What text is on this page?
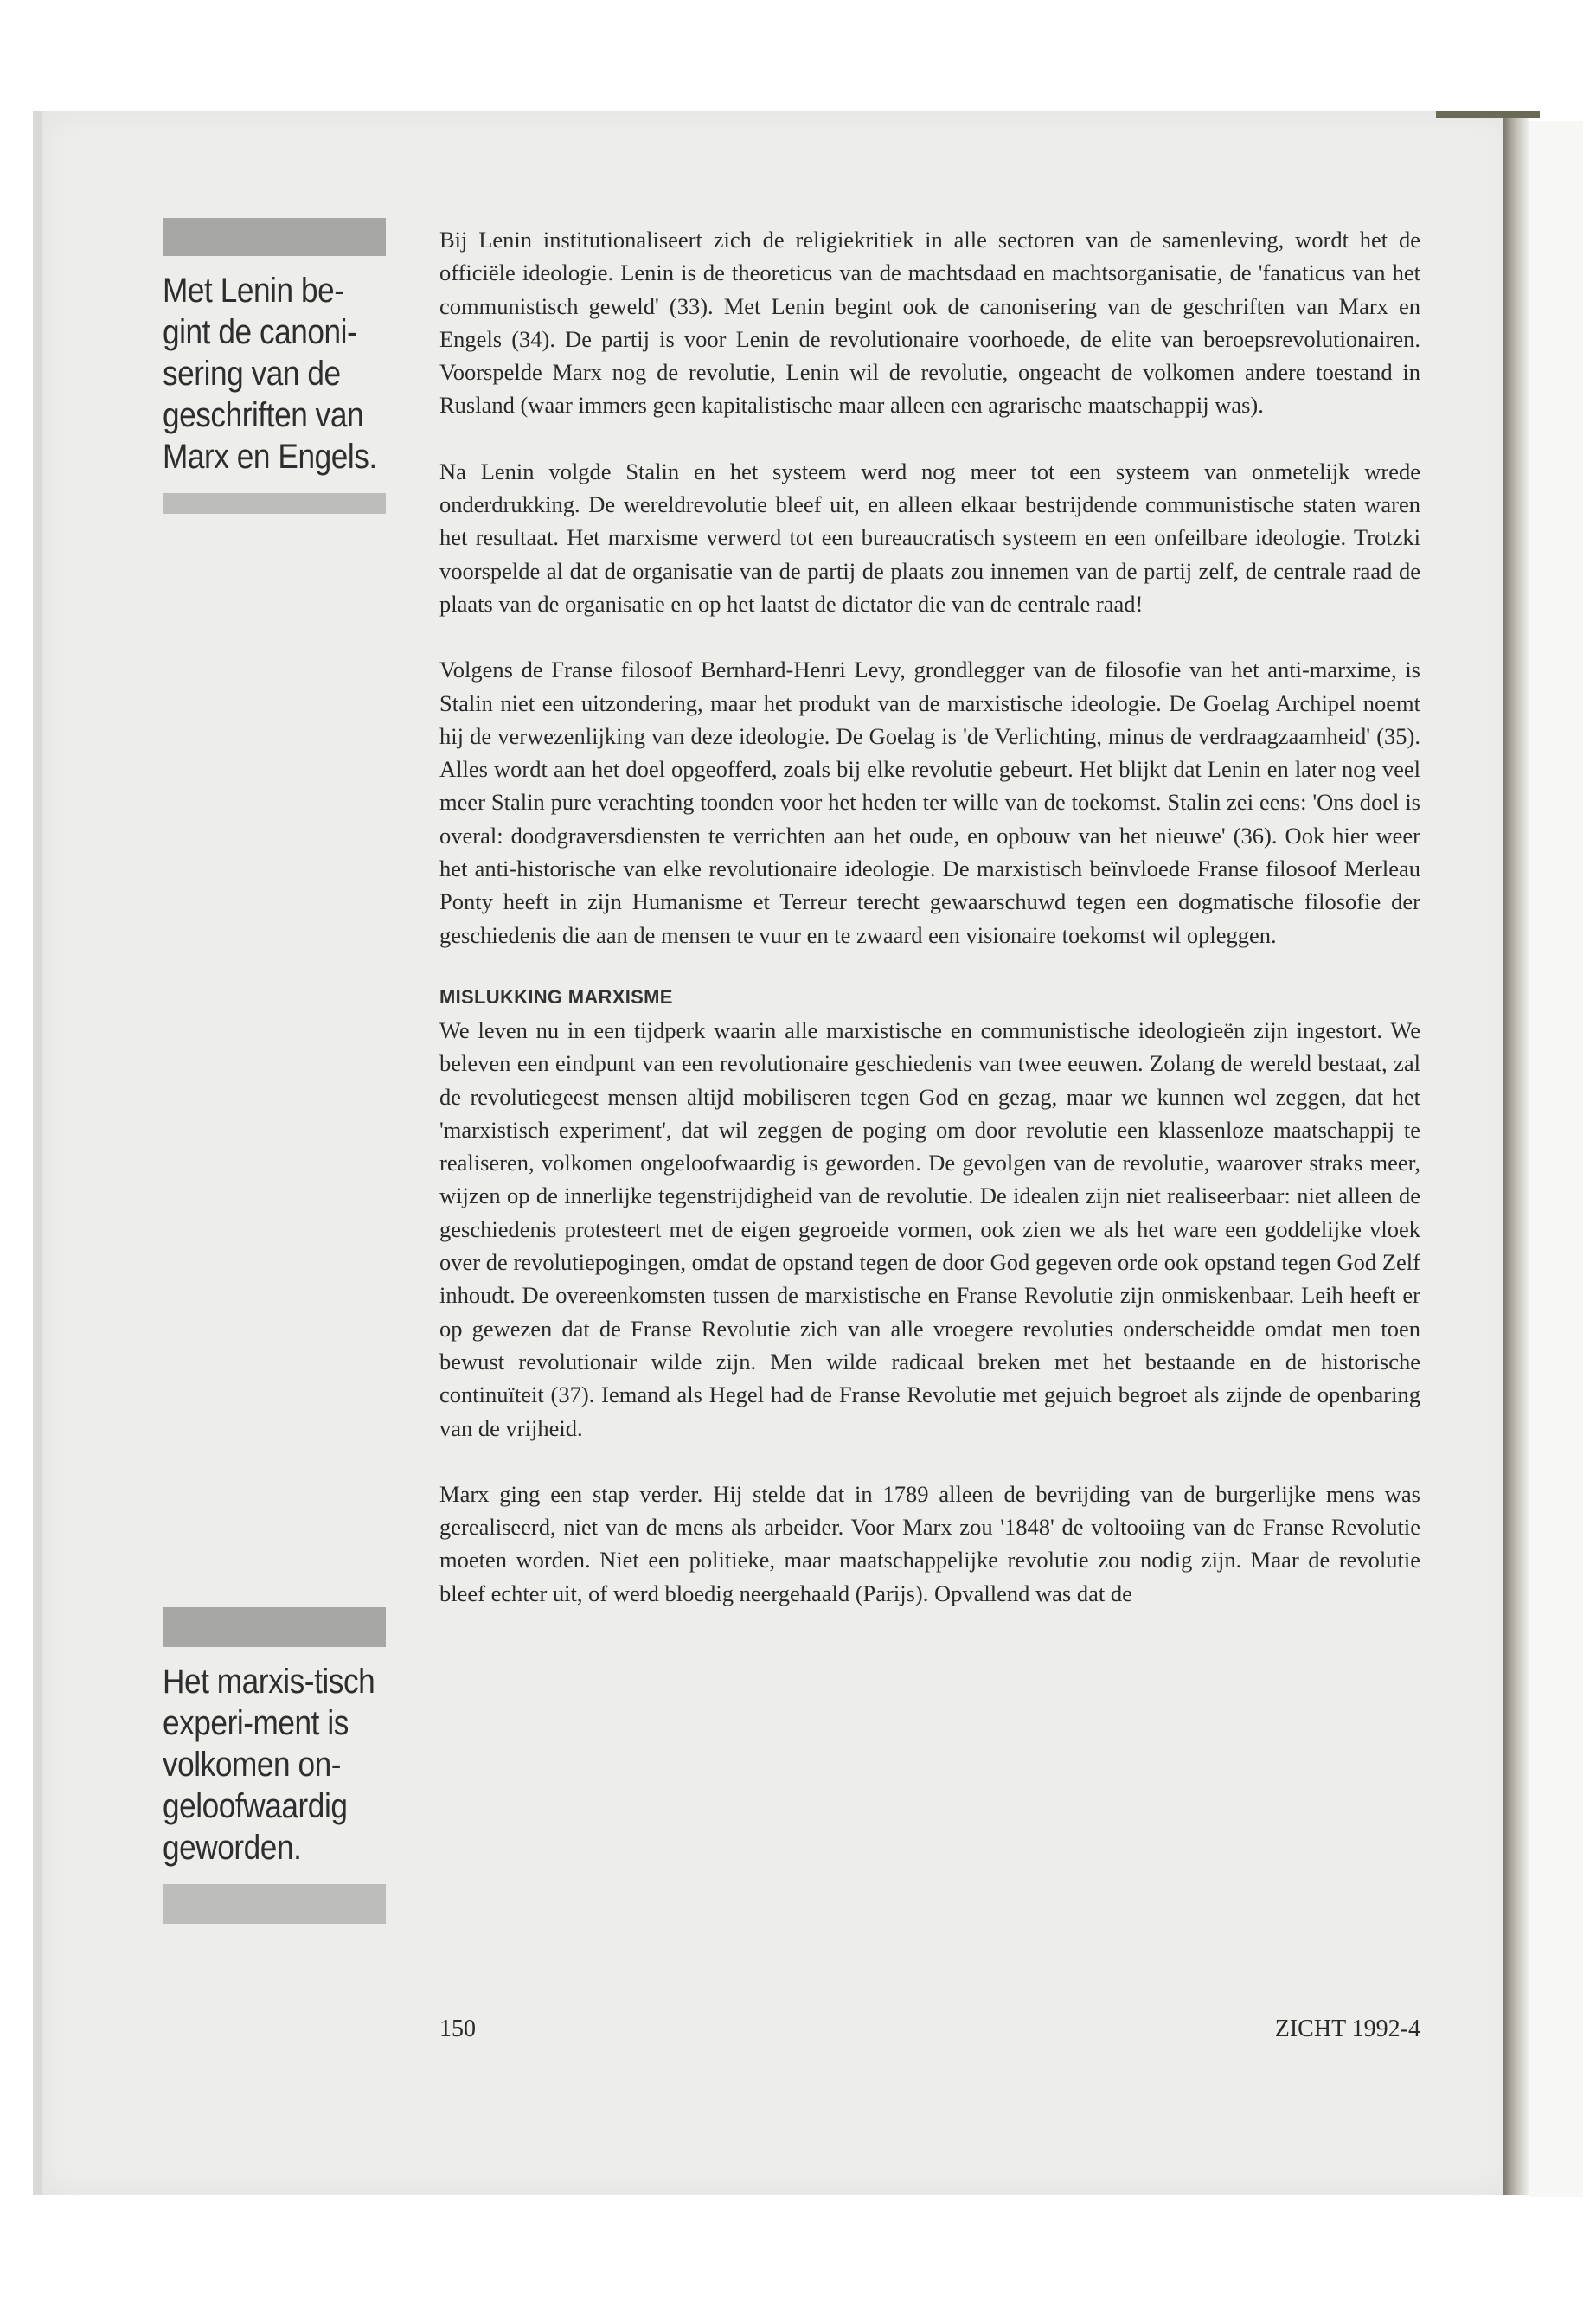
Met Lenin be-gint de canoni-sering van de geschriften van Marx en Engels.
Het marxis-tisch experi-ment is volkomen on-geloofwaardig geworden.

Bij Lenin institutionaliseert zich de religiekritiek in alle sectoren van de samenleving, wordt het de officiële ideologie. Lenin is de theoreticus van de machtsdaad en machtsorganisatie, de 'fanaticus van het communistisch geweld' (33). Met Lenin begint ook de canonisering van de geschriften van Marx en Engels (34). De partij is voor Lenin de revolutionaire voorhoede, de elite van beroepsrevolutionairen. Voorspelde Marx nog de revolutie, Lenin wil de revolutie, ongeacht de volkomen andere toestand in Rusland (waar immers geen kapitalistische maar alleen een agrarische maatschappij was).

Na Lenin volgde Stalin en het systeem werd nog meer tot een systeem van onmetelijk wrede onderdrukking. De wereldrevolutie bleef uit, en alleen elkaar bestrijdende communistische staten waren het resultaat. Het marxisme verwerd tot een bureaucratisch systeem en een onfeilbare ideologie. Trotzki voorspelde al dat de organisatie van de partij de plaats zou innemen van de partij zelf, de centrale raad de plaats van de organisatie en op het laatst de dictator die van de centrale raad!

Volgens de Franse filosoof Bernhard-Henri Levy, grondlegger van de filosofie van het anti-marxime, is Stalin niet een uitzondering, maar het produkt van de marxistische ideologie. De Goelag Archipel noemt hij de verwezenlijking van deze ideologie. De Goelag is 'de Verlichting, minus de verdraagzaamheid' (35). Alles wordt aan het doel opgeofferd, zoals bij elke revolutie gebeurt. Het blijkt dat Lenin en later nog veel meer Stalin pure verachting toonden voor het heden ter wille van de toekomst. Stalin zei eens: 'Ons doel is overal: doodgraversdiensten te verrichten aan het oude, en opbouw van het nieuwe' (36). Ook hier weer het anti-historische van elke revolutionaire ideologie. De marxistisch beïnvloede Franse filosoof Merleau Ponty heeft in zijn Humanisme et Terreur terecht gewaarschuwd tegen een dogmatische filosofie der geschiedenis die aan de mensen te vuur en te zwaard een visionaire toekomst wil opleggen.

MISLUKKING MARXISME

We leven nu in een tijdperk waarin alle marxistische en communistische ideologieën zijn ingestort. We beleven een eindpunt van een revolutionaire geschiedenis van twee eeuwen. Zolang de wereld bestaat, zal de revolutiegeest mensen altijd mobiliseren tegen God en gezag, maar we kunnen wel zeggen, dat het 'marxistisch experiment', dat wil zeggen de poging om door revolutie een klassenloze maatschappij te realiseren, volkomen ongeloofwaardig is geworden. De gevolgen van de revolutie, waarover straks meer, wijzen op de innerlijke tegenstrijdigheid van de revolutie. De idealen zijn niet realiseerbaar: niet alleen de geschiedenis protesteert met de eigen gegroeide vormen, ook zien we als het ware een goddelijke vloek over de revolutiepogingen, omdat de opstand tegen de door God gegeven orde ook opstand tegen God Zelf inhoudt. De overeenkomsten tussen de marxistische en Franse Revolutie zijn onmiskenbaar. Leih heeft er op gewezen dat de Franse Revolutie zich van alle vroegere revoluties onderscheidde omdat men toen bewust revolutionair wilde zijn. Men wilde radicaal breken met het bestaande en de historische continuïteit (37). Iemand als Hegel had de Franse Revolutie met gejuich begroet als zijnde de openbaring van de vrijheid.

Marx ging een stap verder. Hij stelde dat in 1789 alleen de bevrijding van de burgerlijke mens was gerealiseerd, niet van de mens als arbeider. Voor Marx zou '1848' de voltooiing van de Franse Revolutie moeten worden. Niet een politieke, maar maatschappelijke revolutie zou nodig zijn. Maar de revolutie bleef echter uit, of werd bloedig neergehaald (Parijs). Opvallend was dat de

150	ZICHT 1992-4
